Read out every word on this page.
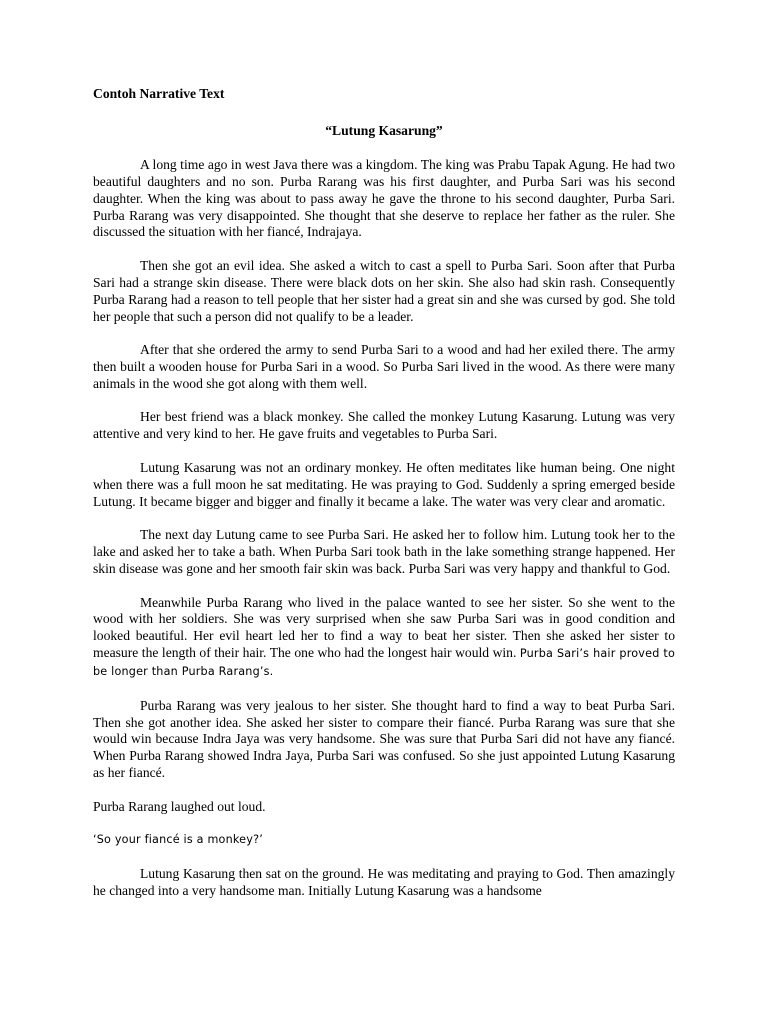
Contoh Narrative Text
“Lutung Kasarung”

A long time ago in west Java there was a kingdom. The king was Prabu Tapak Agung. He had two beautiful daughters and no son. Purba Rarang was his first daughter, and Purba Sari was his second daughter. When the king was about to pass away he gave the throne to his second daughter, Purba Sari. Purba Rarang was very disappointed. She thought that she deserve to replace her father as the ruler. She discussed the situation with her fiancé, Indrajaya.

Then she got an evil idea. She asked a witch to cast a spell to Purba Sari. Soon after that Purba Sari had a strange skin disease. There were black dots on her skin. She also had skin rash. Consequently Purba Rarang had a reason to tell people that her sister had a great sin and she was cursed by god. She told her people that such a person did not qualify to be a leader.

After that she ordered the army to send Purba Sari to a wood and had her exiled there. The army then built a wooden house for Purba Sari in a wood. So Purba Sari lived in the wood. As there were many animals in the wood she got along with them well.

Her best friend was a black monkey. She called the monkey Lutung Kasarung. Lutung was very attentive and very kind to her. He gave fruits and vegetables to Purba Sari.

Lutung Kasarung was not an ordinary monkey. He often meditates like human being. One night when there was a full moon he sat meditating. He was praying to God. Suddenly a spring emerged beside Lutung. It became bigger and bigger and finally it became a lake. The water was very clear and aromatic.

The next day Lutung came to see Purba Sari. He asked her to follow him. Lutung took her to the lake and asked her to take a bath. When Purba Sari took bath in the lake something strange happened. Her skin disease was gone and her smooth fair skin was back. Purba Sari was very happy and thankful to God.

Meanwhile Purba Rarang who lived in the palace wanted to see her sister. So she went to the wood with her soldiers. She was very surprised when she saw Purba Sari was in good condition and looked beautiful. Her evil heart led her to find a way to beat her sister. Then she asked her sister to measure the length of their hair. The one who had the longest hair would win. Purba Sari’s hair proved to be longer than Purba Rarang’s.

Purba Rarang was very jealous to her sister. She thought hard to find a way to beat Purba Sari. Then she got another idea. She asked her sister to compare their fiancé. Purba Rarang was sure that she would win because Indra Jaya was very handsome. She was sure that Purba Sari did not have any fiancé. When Purba Rarang showed Indra Jaya, Purba Sari was confused. So she just appointed Lutung Kasarung as her fiancé.

Purba Rarang laughed out loud.

‘So your fiancé is a monkey?’

Lutung Kasarung then sat on the ground. He was meditating and praying to God. Then amazingly he changed into a very handsome man. Initially Lutung Kasarung was a handsome
